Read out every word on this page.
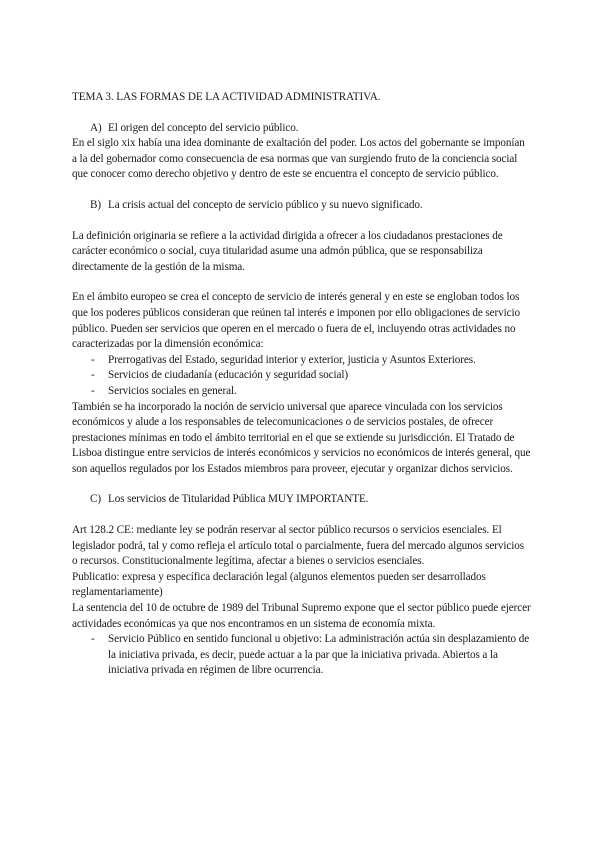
TEMA 3. LAS FORMAS DE LA ACTIVIDAD ADMINISTRATIVA.

A) El origen del concepto del servicio público.

En el siglo xix había una idea dominante de exaltación del poder. Los actos del gobernante se imponían a la del gobernador como consecuencia de esa normas que van surgiendo fruto de la conciencia social que conocer como derecho objetivo y dentro de este se encuentra el concepto de servicio público.

B) La crisis actual del concepto de servicio público y su nuevo significado.

La definición originaria se refiere a la actividad dirigida a ofrecer a los ciudadanos prestaciones de carácter económico o social, cuya titularidad asume una admón pública, que se responsabiliza directamente de la gestión de la misma.

En el ámbito europeo se crea el concepto de servicio de interés general y en este se engloban todos los que los poderes públicos consideran que reúnen tal interés e imponen por ello obligaciones de servicio público. Pueden ser servicios que operen en el mercado o fuera de el, incluyendo otras actividades no caracterizadas por la dimensión económica:

- Prerrogativas del Estado, seguridad interior y exterior, justicia y Asuntos Exteriores.
- Servicios de ciudadanía (educación y seguridad social)
- Servicios sociales en general.

También se ha incorporado la noción de servicio universal que aparece vinculada con los servicios económicos y alude a los responsables de telecomunicaciones o de servicios postales, de ofrecer prestaciones mínimas en todo el ámbito territorial en el que se extiende su jurisdicción. El Tratado de Lisboa distingue entre servicios de interés económicos y servicios no económicos de interés general, que son aquellos regulados por los Estados miembros para proveer, ejecutar y organizar dichos servicios.

C) Los servicios de Titularidad Pública MUY IMPORTANTE.

Art 128.2 CE: mediante ley se podrán reservar al sector público recursos o servicios esenciales. El legislador podrá, tal y como refleja el artículo total o parcialmente, fuera del mercado algunos servicios o recursos. Constitucionalmente legítima, afectar a bienes o servicios esenciales.

Publicatio: expresa y específica declaración legal (algunos elementos pueden ser desarrollados reglamentariamente)

La sentencia del 10 de octubre de 1989 del Tribunal Supremo expone que el sector público puede ejercer actividades económicas ya que nos encontramos en un sistema de economía mixta.

- Servicio Público en sentido funcional u objetivo: La administración actúa sin desplazamiento de la iniciativa privada, es decir, puede actuar a la par que la iniciativa privada. Abiertos a la iniciativa privada en régimen de libre ocurrencia.
